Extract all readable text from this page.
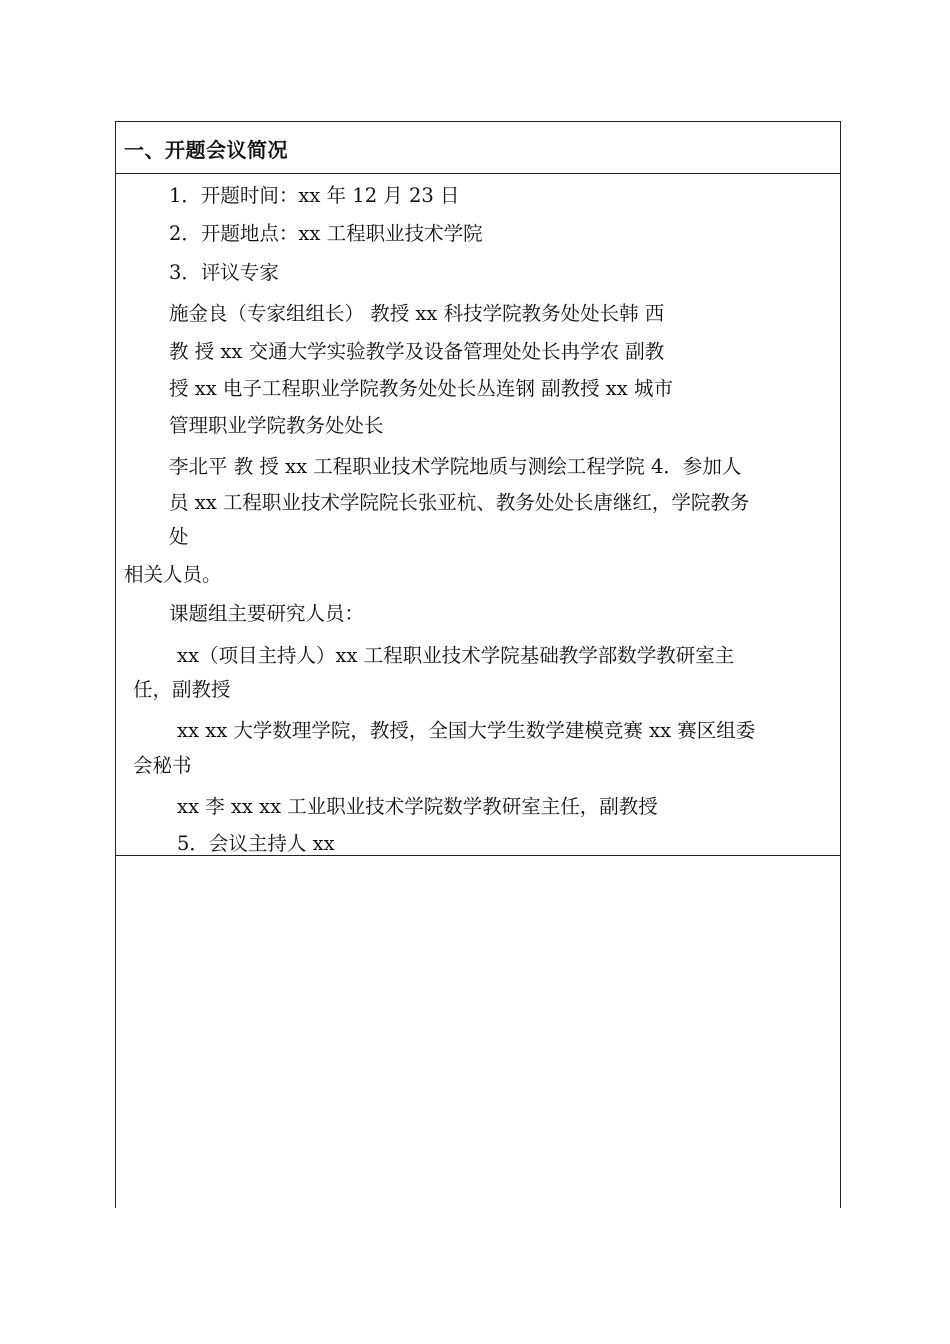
一、开题会议简况
1．开题时间：xx 年 12 月 23 日
2．开题地点：xx 工程职业技术学院
3．评议专家
施金良（专家组组长） 教授 xx 科技学院教务处处长韩 西
教 授 xx 交通大学实验教学及设备管理处处长冉学农 副教
授 xx 电子工程职业学院教务处处长丛连钢 副教授 xx 城市
管理职业学院教务处处长
李北平 教 授 xx 工程职业技术学院地质与测绘工程学院 4．参加人
员 xx 工程职业技术学院院长张亚杭、教务处处长唐继红，学院教务
处
相关人员。
课题组主要研究人员：
xx（项目主持人）xx 工程职业技术学院基础教学部数学教研室主
任，副教授
xx xx 大学数理学院，教授，全国大学生数学建模竞赛 xx 赛区组委
会秘书
xx 李 xx xx 工业职业技术学院数学教研室主任，副教授
5．会议主持人 xx
